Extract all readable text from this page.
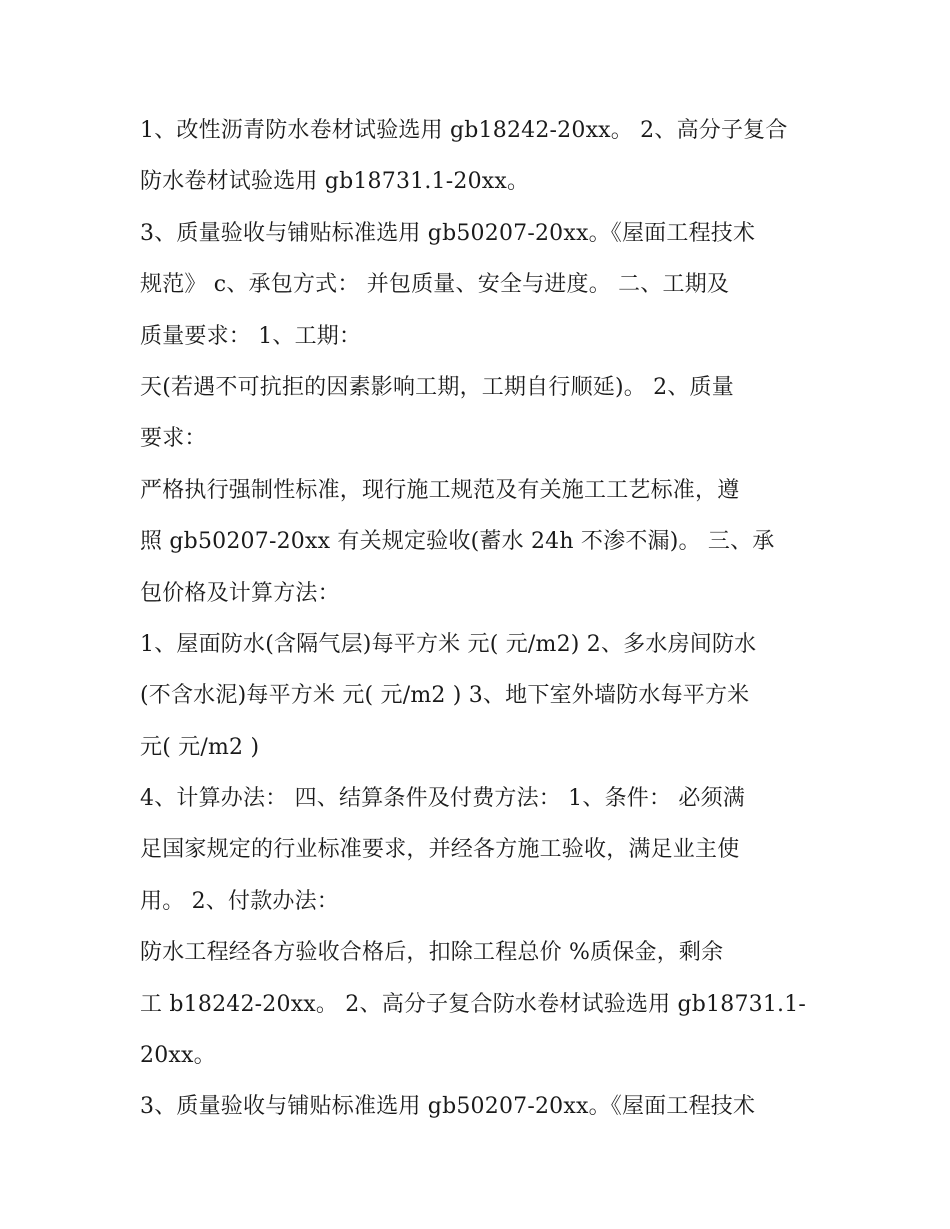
1、改性沥青防水卷材试验选用 gb18242-20xx。 2、高分子复合
防水卷材试验选用 gb18731.1-20xx。
3、质量验收与铺贴标准选用 gb50207-20xx。《屋面工程技术
规范》 c、承包方式： 并包质量、安全与进度。 二、工期及
质量要求： 1、工期：
天(若遇不可抗拒的因素影响工期，工期自行顺延)。 2、质量
要求：
严格执行强制性标准，现行施工规范及有关施工工艺标准，遵
照 gb50207-20xx 有关规定验收(蓄水 24h 不渗不漏)。 三、承
包价格及计算方法：
1、屋面防水(含隔气层)每平方米 元( 元/m2) 2、多水房间防水
(不含水泥)每平方米 元( 元/m2 ) 3、地下室外墙防水每平方米
元( 元/m2 )
4、计算办法： 四、结算条件及付费方法： 1、条件： 必须满
足国家规定的行业标准要求，并经各方施工验收，满足业主使
用。 2、付款办法：
防水工程经各方验收合格后，扣除工程总价 %质保金，剩余
工 b18242-20xx。 2、高分子复合防水卷材试验选用 gb18731.1-
20xx。
3、质量验收与铺贴标准选用 gb50207-20xx。《屋面工程技术
